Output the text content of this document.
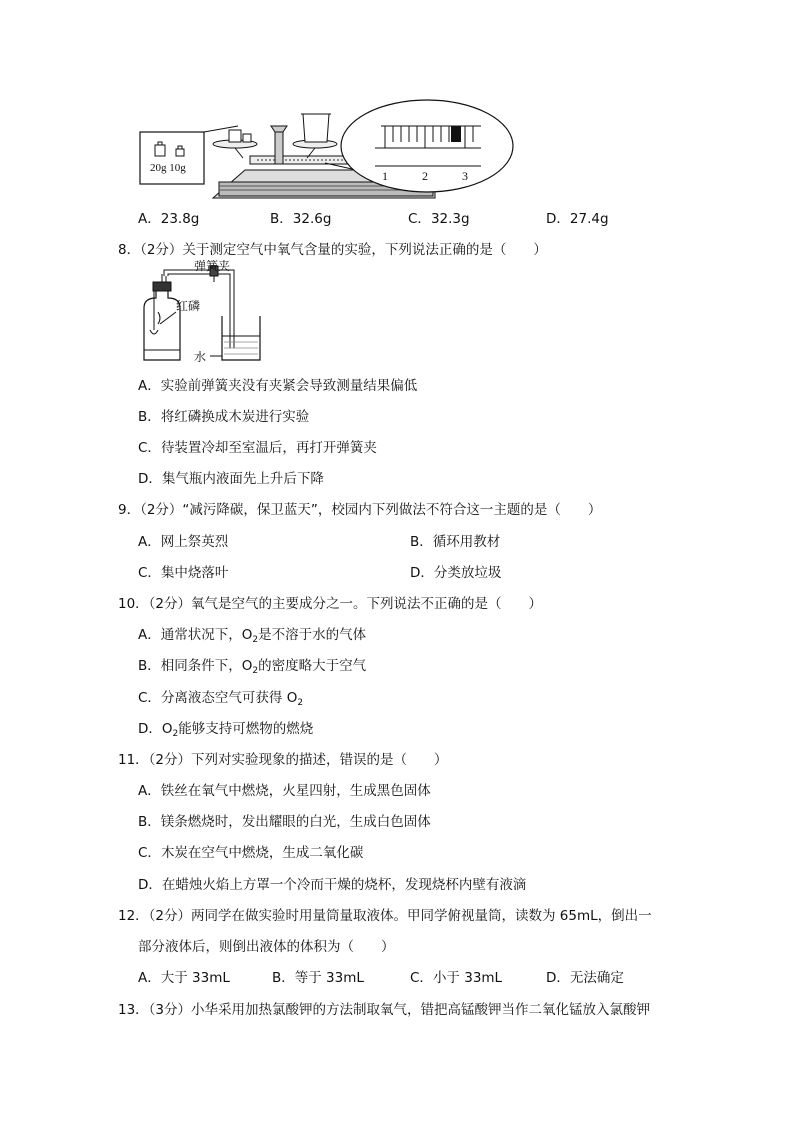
20g 10g
1	2	3
A．23.8g	B．32.6g	C．32.3g	D．27.4g
8．（2分）关于测定空气中氧气含量的实验，下列说法正确的是（　　）
弹簧夹
红磷
水
A．实验前弹簧夹没有夹紧会导致测量结果偏低
B．将红磷换成木炭进行实验
C．待装置冷却至室温后，再打开弹簧夹
D．集气瓶内液面先上升后下降
9．（2分）“减污降碳，保卫蓝天”，校园内下列做法不符合这一主题的是（　　）
A．网上祭英烈	B．循环用教材
C．集中烧落叶	D．分类放垃圾
10．（2分）氧气是空气的主要成分之一。下列说法不正确的是（　　）
A．通常状况下，$O_2$是不溶于水的气体
B．相同条件下，$O_2$的密度略大于空气
C．分离液态空气可获得 $O_2$
D．$O_2$能够支持可燃物的燃烧
11．（2分）下列对实验现象的描述，错误的是（　　）
A．铁丝在氧气中燃烧，火星四射，生成黑色固体
B．镁条燃烧时，发出耀眼的白光，生成白色固体
C．木炭在空气中燃烧，生成二氧化碳
D．在蜡烛火焰上方罩一个冷而干燥的烧杯，发现烧杯内壁有液滴
12．（2分）两同学在做实验时用量筒量取液体。甲同学俯视量筒，读数为 65mL，倒出一
部分液体后，则倒出液体的体积为（　　）
A．大于 33mL	B．等于 33mL	C．小于 33mL	D．无法确定
13．（3分）小华采用加热氯酸钾的方法制取氧气，错把高锰酸钾当作二氧化锰放入氯酸钾
